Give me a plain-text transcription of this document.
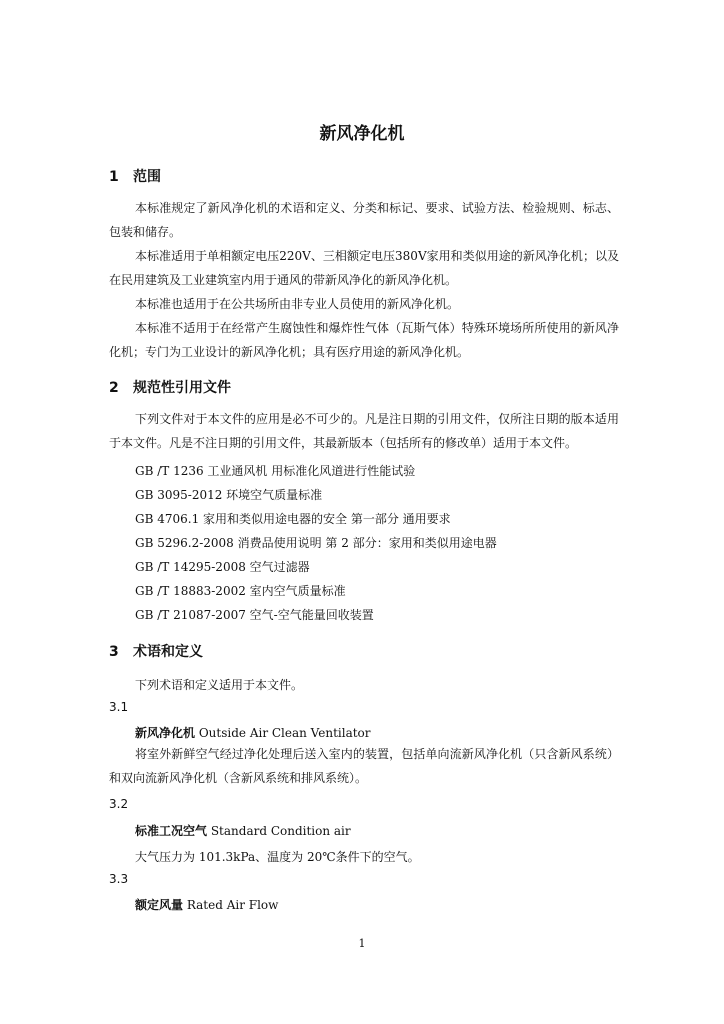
新风净化机
1 范围
本标准规定了新风净化机的术语和定义、分类和标记、要求、试验方法、检验规则、标志、包装和储存。
本标准适用于单相额定电压220V、三相额定电压380V家用和类似用途的新风净化机；以及在民用建筑及工业建筑室内用于通风的带新风净化的新风净化机。
本标准也适用于在公共场所由非专业人员使用的新风净化机。
本标准不适用于在经常产生腐蚀性和爆炸性气体（瓦斯气体）特殊环境场所所使用的新风净化机；专门为工业设计的新风净化机；具有医疗用途的新风净化机。
2 规范性引用文件
下列文件对于本文件的应用是必不可少的。凡是注日期的引用文件，仅所注日期的版本适用于本文件。凡是不注日期的引用文件，其最新版本（包括所有的修改单）适用于本文件。
GB /T 1236 工业通风机 用标准化风道进行性能试验
GB 3095-2012 环境空气质量标准
GB 4706.1 家用和类似用途电器的安全 第一部分 通用要求
GB 5296.2-2008 消费品使用说明 第 2 部分：家用和类似用途电器
GB /T 14295-2008 空气过滤器
GB /T 18883-2002 室内空气质量标准
GB /T 21087-2007 空气-空气能量回收装置
3 术语和定义
下列术语和定义适用于本文件。
3.1
新风净化机 Outside Air Clean Ventilator
将室外新鲜空气经过净化处理后送入室内的装置，包括单向流新风净化机（只含新风系统）和双向流新风净化机（含新风系统和排风系统）。
3.2
标准工况空气 Standard Condition air
大气压力为 101.3kPa、温度为 20℃条件下的空气。
3.3
额定风量 Rated Air Flow
1
